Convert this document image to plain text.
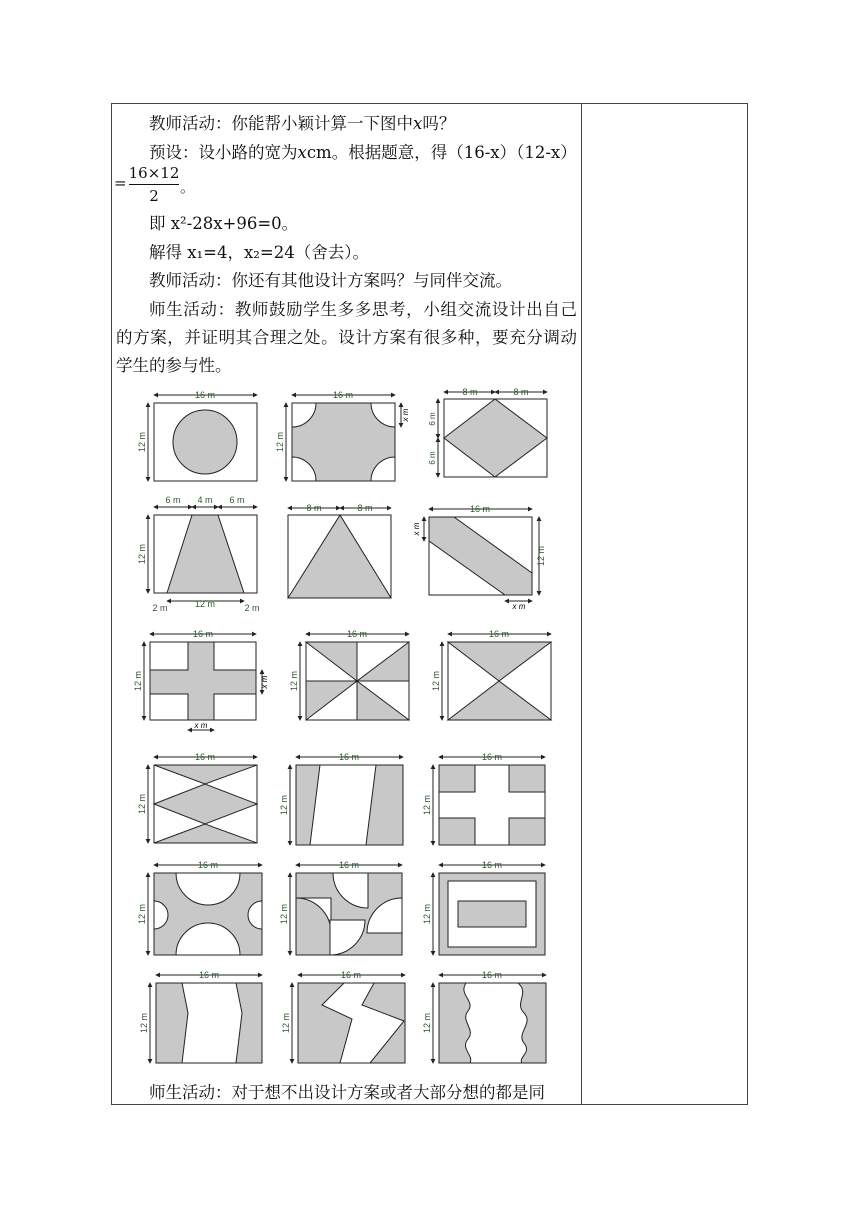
教师活动：你能帮小颖计算一下图中x吗？
预设：设小路的宽为xcm。根据题意，得（16-x）（12-x）
=
16×12
2	。
即 x²-28x+96=0。
解得 x₁=4，x₂=24（舍去）。
教师活动：你还有其他设计方案吗？与同伴交流。
师生活动：教师鼓励学生多多思考，小组交流设计出自己的方案，并证明其合理之处。设计方案有很多种，要充分调动学生的参与性。
16 m
12 m
16 m
12 m
x m
8 m	8 m
6 m
6 m
6 m 4 m 6 m
12 m
12 m
2 m	2 m
8 m	8 m	16 m
12 m
x m
x m
16 m
12 m	x m
x m
16 m
12 m
16 m
12 m
16 m
12 m
16 m
12 m
16 m
12 m
16 m
12 m
16 m
12 m
16 m
12 m
16 m
12 m
16 m
12 m
16 m
12 m
师生活动：对于想不出设计方案或者大部分想的都是同
